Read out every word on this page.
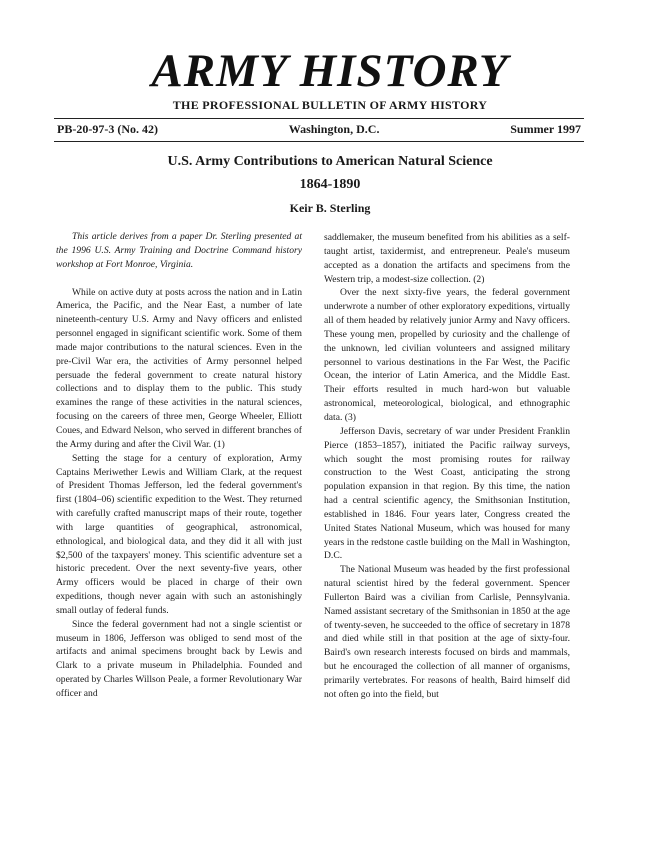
ARMY HISTORY
THE PROFESSIONAL BULLETIN OF ARMY HISTORY
PB-20-97-3 (No. 42)	Washington, D.C.	Summer 1997
U.S. Army Contributions to American Natural Science
1864-1890
Keir B. Sterling

This article derives from a paper Dr. Sterling presented at the 1996 U.S. Army Training and Doctrine Command history workshop at Fort Monroe, Virginia.

While on active duty at posts across the nation and in Latin America, the Pacific, and the Near East, a number of late nineteenth-century U.S. Army and Navy officers and enlisted personnel engaged in significant scientific work. Some of them made major contributions to the natural sciences. Even in the pre-Civil War era, the activities of Army personnel helped persuade the federal government to create natural history collections and to display them to the public. This study examines the range of these activities in the natural sciences, focusing on the careers of three men, George Wheeler, Elliott Coues, and Edward Nelson, who served in different branches of the Army during and after the Civil War. (1)

Setting the stage for a century of exploration, Army Captains Meriwether Lewis and William Clark, at the request of President Thomas Jefferson, led the federal government's first (1804–06) scientific expedition to the West. They returned with carefully crafted manuscript maps of their route, together with large quantities of geographical, astronomical, ethnological, and biological data, and they did it all with just $2,500 of the taxpayers' money. This scientific adventure set a historic precedent. Over the next seventy-five years, other Army officers would be placed in charge of their own expeditions, though never again with such an astonishingly small outlay of federal funds.

Since the federal government had not a single scientist or museum in 1806, Jefferson was obliged to send most of the artifacts and animal specimens brought back by Lewis and Clark to a private museum in Philadelphia. Founded and operated by Charles Willson Peale, a former Revolutionary War officer and

saddlemaker, the museum benefited from his abilities as a self-taught artist, taxidermist, and entrepreneur. Peale's museum accepted as a donation the artifacts and specimens from the Western trip, a modest-size collection. (2)

Over the next sixty-five years, the federal government underwrote a number of other exploratory expeditions, virtually all of them headed by relatively junior Army and Navy officers. These young men, propelled by curiosity and the challenge of the unknown, led civilian volunteers and assigned military personnel to various destinations in the Far West, the Pacific Ocean, the interior of Latin America, and the Middle East. Their efforts resulted in much hard-won but valuable astronomical, meteorological, biological, and ethnographic data. (3)

Jefferson Davis, secretary of war under President Franklin Pierce (1853–1857), initiated the Pacific railway surveys, which sought the most promising routes for railway construction to the West Coast, anticipating the strong population expansion in that region. By this time, the nation had a central scientific agency, the Smithsonian Institution, established in 1846. Four years later, Congress created the United States National Museum, which was housed for many years in the redstone castle building on the Mall in Washington, D.C.

The National Museum was headed by the first professional natural scientist hired by the federal government. Spencer Fullerton Baird was a civilian from Carlisle, Pennsylvania. Named assistant secretary of the Smithsonian in 1850 at the age of twenty-seven, he succeeded to the office of secretary in 1878 and died while still in that position at the age of sixty-four. Baird's own research interests focused on birds and mammals, but he encouraged the collection of all manner of organisms, primarily vertebrates. For reasons of health, Baird himself did not often go into the field, but
